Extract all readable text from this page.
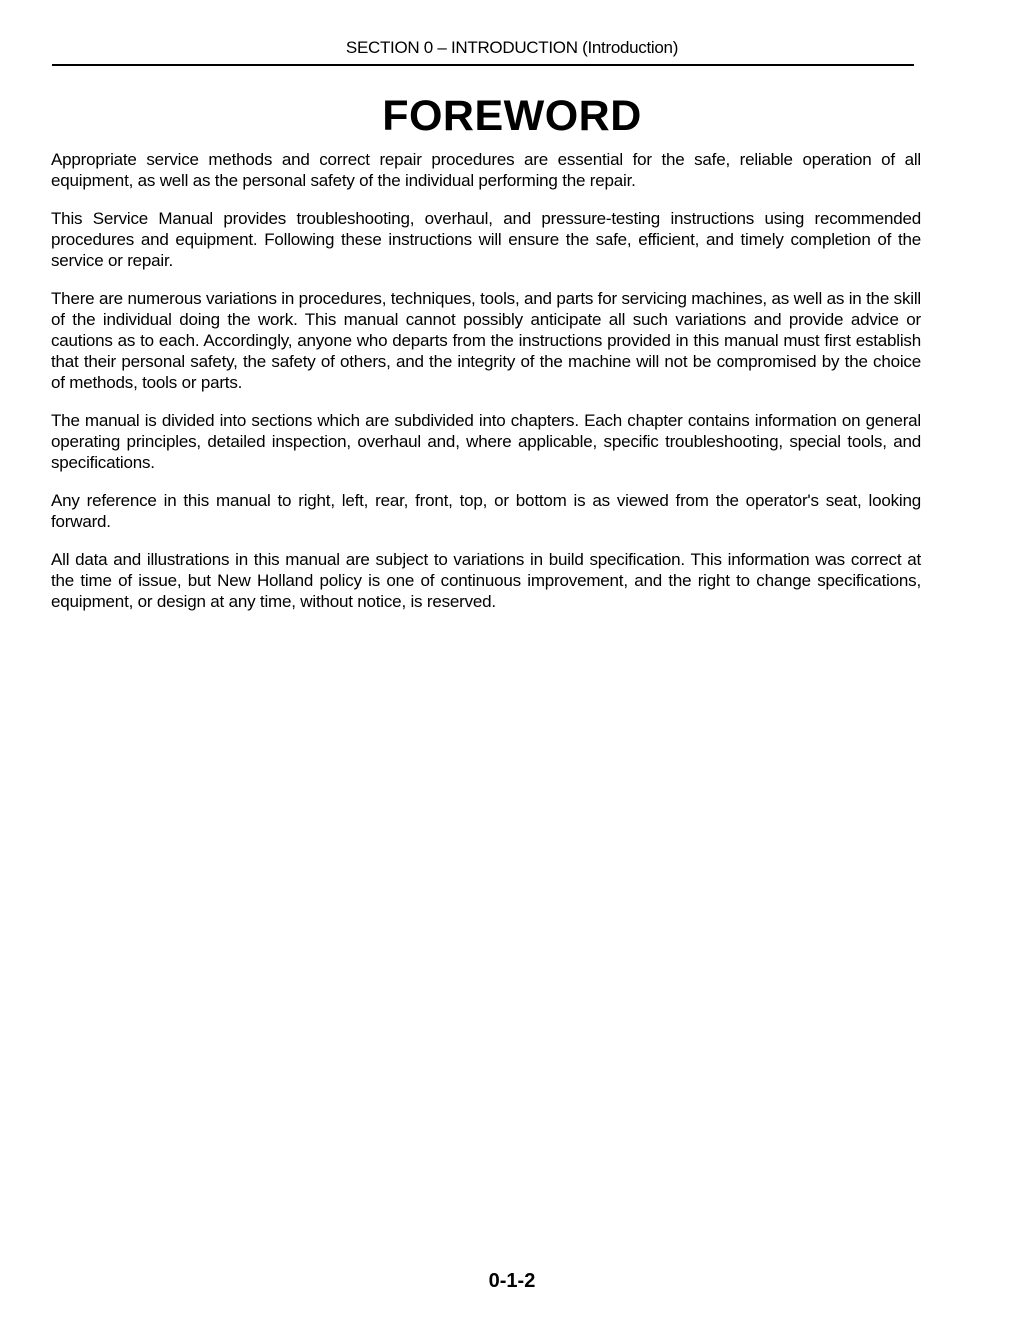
SECTION 0 – INTRODUCTION (Introduction)
FOREWORD

Appropriate service methods and correct repair procedures are essential for the safe, reliable operation of all equipment, as well as the personal safety of the individual performing the repair.

This Service Manual provides troubleshooting, overhaul, and pressure-testing instructions using recommended procedures and equipment. Following these instructions will ensure the safe, efficient, and timely completion of the service or repair.

There are numerous variations in procedures, techniques, tools, and parts for servicing machines, as well as in the skill of the individual doing the work. This manual cannot possibly anticipate all such variations and provide advice or cautions as to each. Accordingly, anyone who departs from the instructions provided in this manual must first establish that their personal safety, the safety of others, and the integrity of the machine will not be compromised by the choice of methods, tools or parts.

The manual is divided into sections which are subdivided into chapters. Each chapter contains information on general operating principles, detailed inspection, overhaul and, where applicable, specific troubleshooting, special tools, and specifications.

Any reference in this manual to right, left, rear, front, top, or bottom is as viewed from the operator's seat, looking forward.

All data and illustrations in this manual are subject to variations in build specification. This information was correct at the time of issue, but New Holland policy is one of continuous improvement, and the right to change specifications, equipment, or design at any time, without notice, is reserved.

0-1-2
